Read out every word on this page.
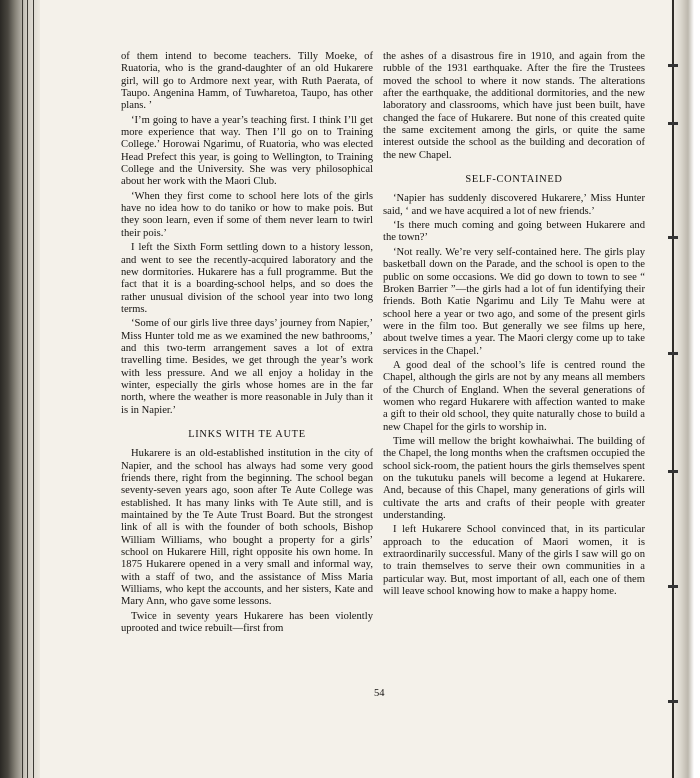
of them intend to become teachers. Tilly Moeke, of Ruatoria, who is the grand-daughter of an old Hukarere girl, will go to Ardmore next year, with Ruth Paerata, of Taupo. Angenina Hamm, of Tuwharetoa, Taupo, has other plans. ’

‘I’m going to have a year’s teaching first. I think I’ll get more experience that way. Then I’ll go on to Training College.’ Horowai Ngarimu, of Ruatoria, who was elected Head Prefect this year, is going to Wellington, to Training College and the University. She was very philosophical about her work with the Maori Club.

‘When they first come to school here lots of the girls have no idea how to do taniko or how to make pois. But they soon learn, even if some of them never learn to twirl their pois.’

I left the Sixth Form settling down to a history lesson, and went to see the recently-acquired laboratory and the new dormitories. Hukarere has a full programme. But the fact that it is a boarding-school helps, and so does the rather unusual division of the school year into two long terms.

‘Some of our girls live three days’ journey from Napier,’ Miss Hunter told me as we examined the new bathrooms,’ and this two-term arrangement saves a lot of extra travelling time. Besides, we get through the year’s work with less pressure. And we all enjoy a holiday in the winter, especially the girls whose homes are in the far north, where the weather is more reasonable in July than it is in Napier.’

LINKS WITH TE AUTE

Hukarere is an old-established institution in the city of Napier, and the school has always had some very good friends there, right from the beginning. The school began seventy-seven years ago, soon after Te Aute College was established. It has many links with Te Aute still, and is maintained by the Te Aute Trust Board. But the strongest link of all is with the founder of both schools, Bishop William Williams, who bought a property for a girls’ school on Hukarere Hill, right opposite his own home. In 1875 Hukarere opened in a very small and informal way, with a staff of two, and the assistance of Miss Maria Williams, who kept the accounts, and her sisters, Kate and Mary Ann, who gave some lessons.

Twice in seventy years Hukarere has been violently uprooted and twice rebuilt—first from

the ashes of a disastrous fire in 1910, and again from the rubble of the 1931 earthquake. After the fire the Trustees moved the school to where it now stands. The alterations after the earthquake, the additional dormitories, and the new laboratory and classrooms, which have just been built, have changed the face of Hukarere. But none of this created quite the same excitement among the girls, or quite the same interest outside the school as the building and decoration of the new Chapel.

SELF-CONTAINED

‘Napier has suddenly discovered Hukarere,’ Miss Hunter said, ‘ and we have acquired a lot of new friends.’

‘Is there much coming and going between Hukarere and the town?’

‘Not really. We’re very self-contained here. The girls play basketball down on the Parade, and the school is open to the public on some occasions. We did go down to town to see “ Broken Barrier ”—the girls had a lot of fun identifying their friends. Both Katie Ngarimu and Lily Te Mahu were at school here a year or two ago, and some of the present girls were in the film too. But generally we see films up here, about twelve times a year. The Maori clergy come up to take services in the Chapel.’

A good deal of the school’s life is centred round the Chapel, although the girls are not by any means all members of the Church of England. When the several generations of women who regard Hukarere with affection wanted to make a gift to their old school, they quite naturally chose to build a new Chapel for the girls to worship in.

Time will mellow the bright kowhaiwhai. The building of the Chapel, the long months when the craftsmen occupied the school sick-room, the patient hours the girls themselves spent on the tukutuku panels will become a legend at Hukarere. And, because of this Chapel, many generations of girls will cultivate the arts and crafts of their people with greater understanding.

I left Hukarere School convinced that, in its particular approach to the education of Maori women, it is extraordinarily successful. Many of the girls I saw will go on to train themselves to serve their own communities in a particular way. But, most important of all, each one of them will leave school knowing how to make a happy home.

54
